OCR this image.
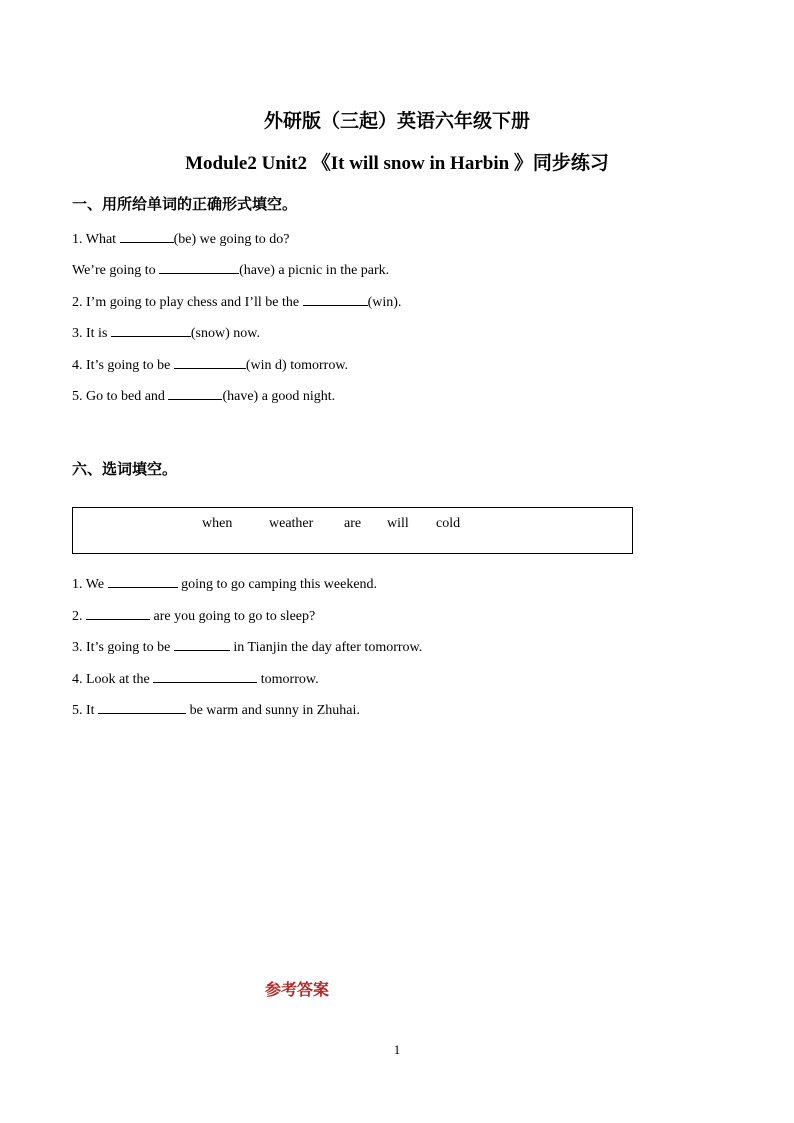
外研版（三起）英语六年级下册
Module2 Unit2 《It will snow in Harbin 》同步练习
一、用所给单词的正确形式填空。
1. What	(be) we going to do?
We’re going to	(have) a picnic in the park.
2. I’m going to play chess and I’ll be the	(win).
3. It is	(snow) now.
4. It’s going to be	(win d) tomorrow.
5. Go to bed and	(have) a good night.
六、选词填空。
when	weather are will cold
1. We	going to go camping this weekend.
2.	are you going to go to sleep?
3. It’s going to be	in Tianjin the day after tomorrow.
4. Look at the	tomorrow.
5. It	be warm and sunny in Zhuhai.
参考答案
1
